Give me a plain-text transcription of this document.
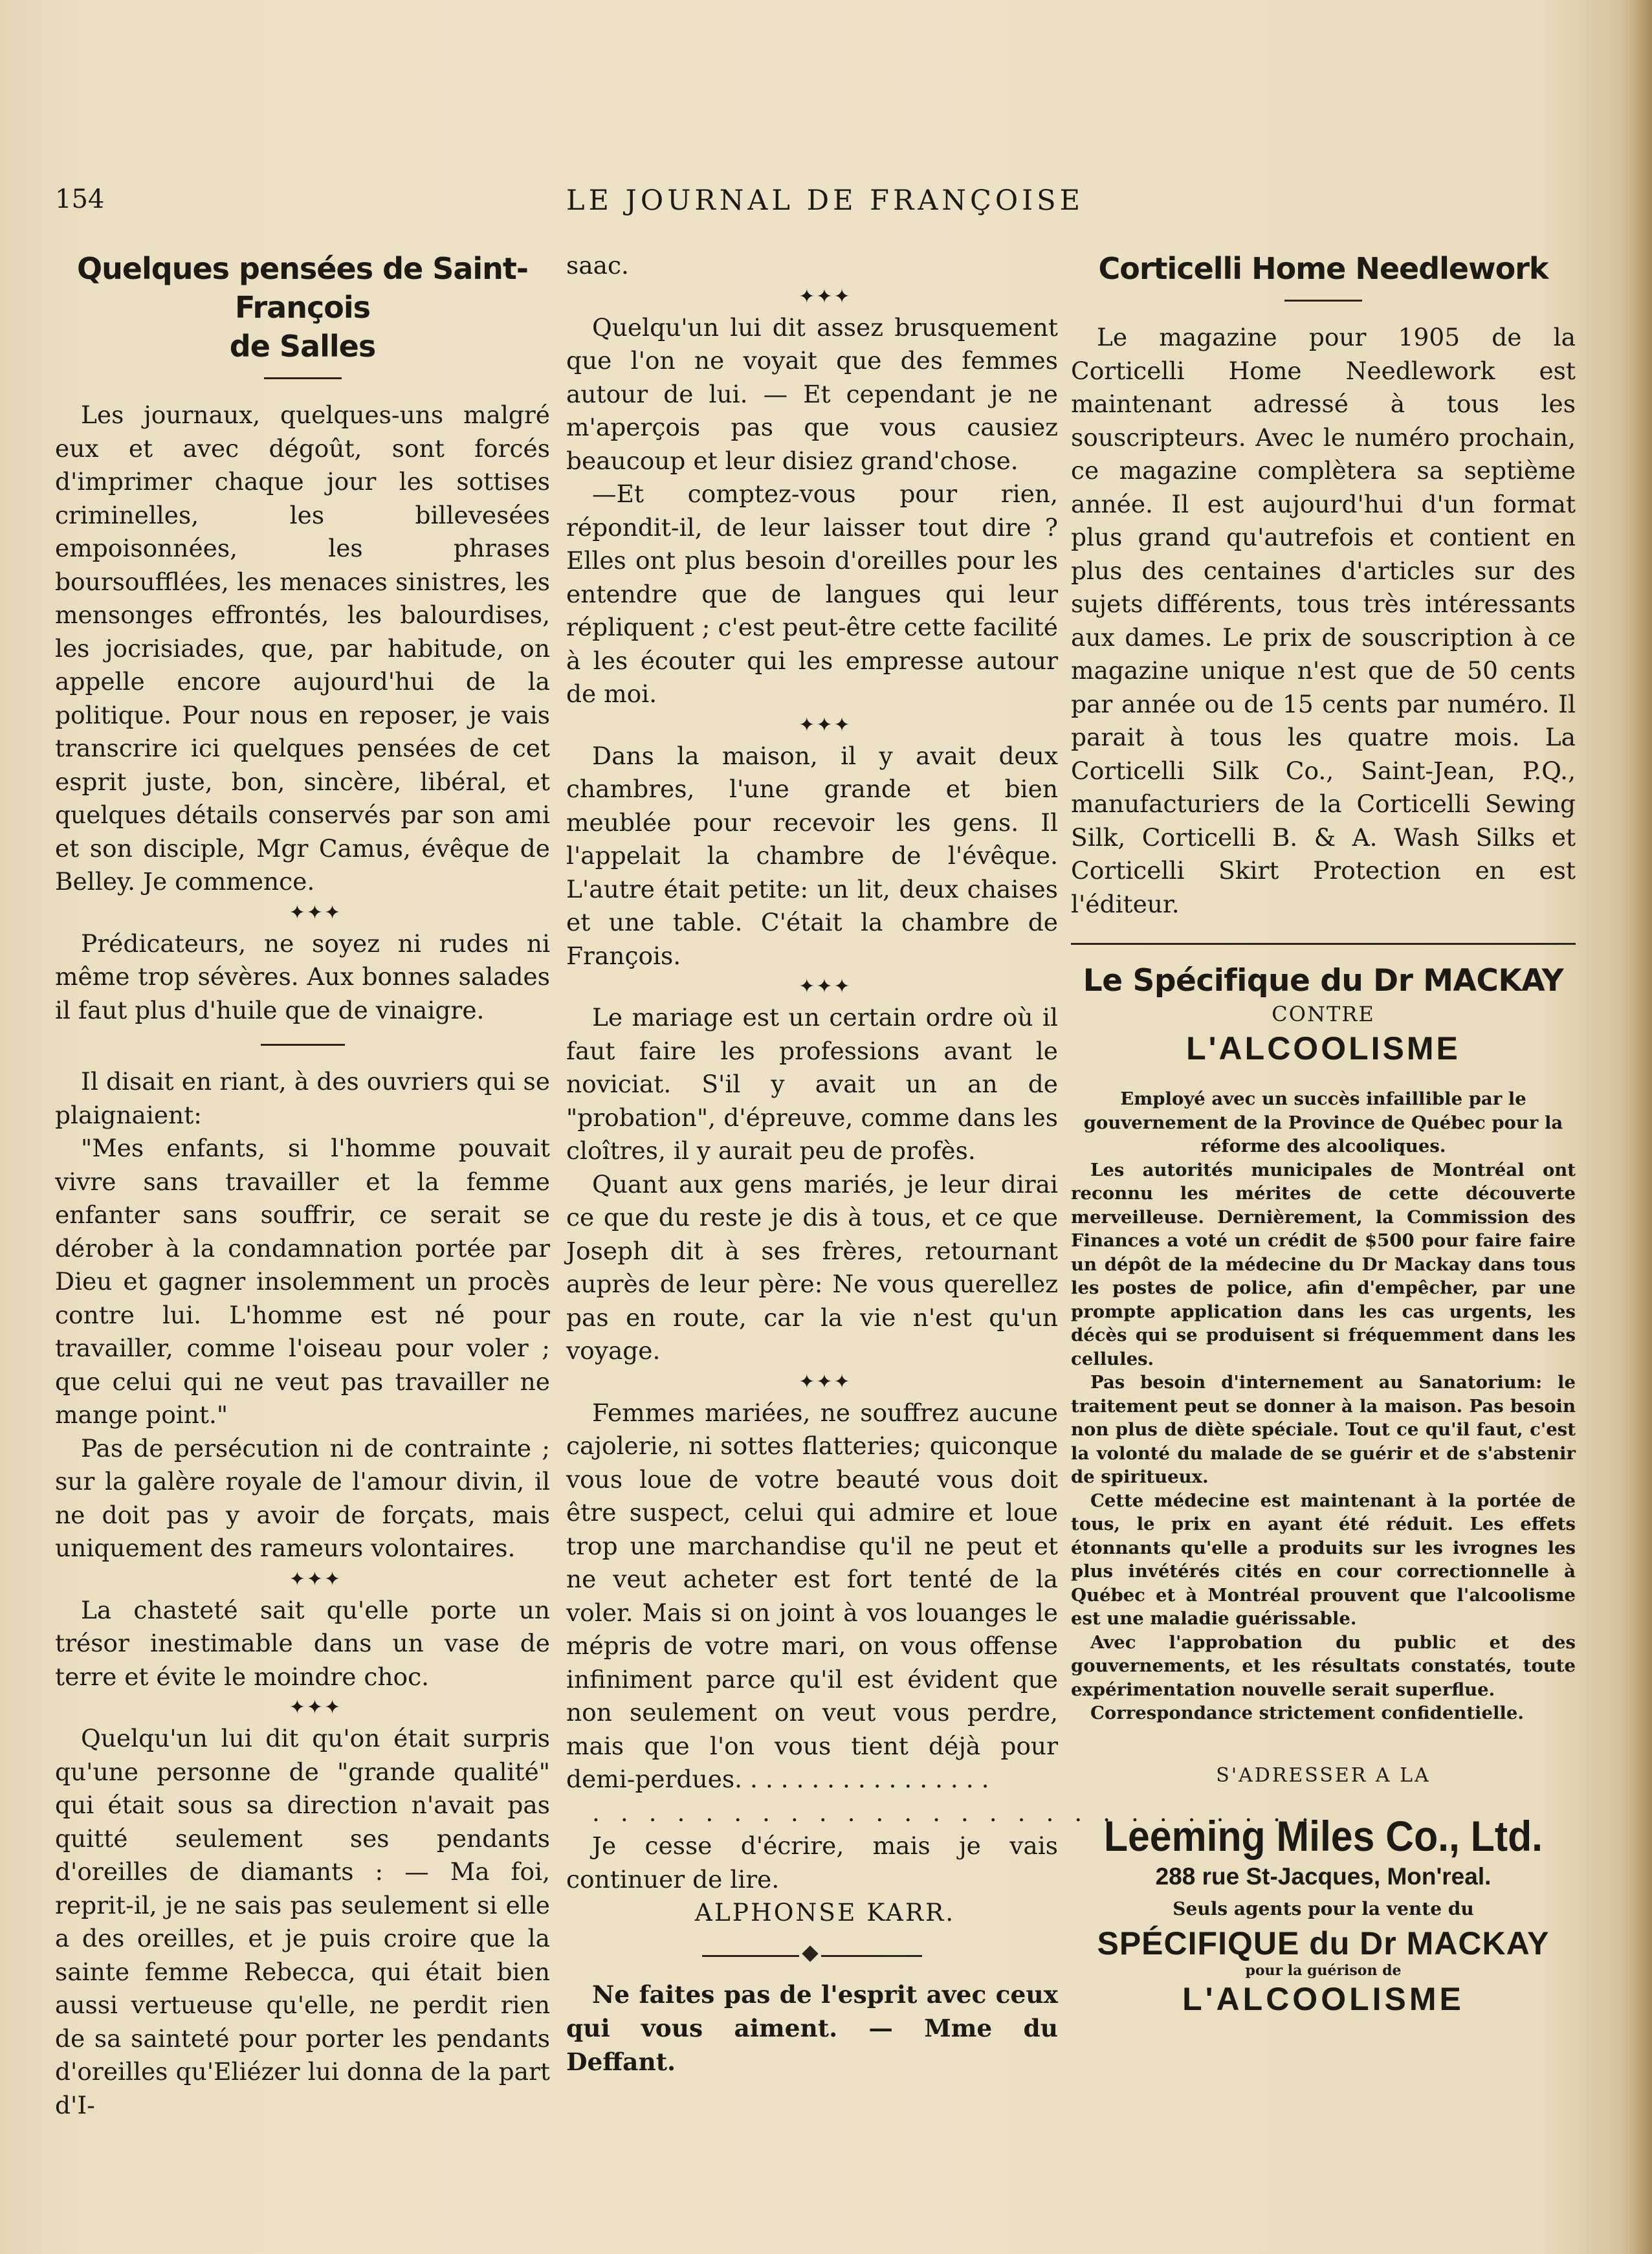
154	LE JOURNAL DE FRANÇOISE
Quelques pensées de Saint-François
de Salles

Les journaux, quelques-uns malgré eux et avec dégoût, sont forcés d'imprimer chaque jour les sottises criminelles, les billevesées empoisonnées, les phrases boursoufflées, les menaces sinistres, les mensonges effrontés, les balourdises, les jocrisiades, que, par habitude, on appelle encore aujourd'hui de la politique. Pour nous en reposer, je vais transcrire ici quelques pensées de cet esprit juste, bon, sincère, libéral, et quelques détails conservés par son ami et son disciple, Mgr Camus, évêque de Belley. Je commence.

✦✦✦

Prédicateurs, ne soyez ni rudes ni même trop sévères. Aux bonnes salades il faut plus d'huile que de vinaigre.

Il disait en riant, à des ouvriers qui se plaignaient:

"Mes enfants, si l'homme pouvait vivre sans travailler et la femme enfanter sans souffrir, ce serait se dérober à la condamnation portée par Dieu et gagner insolemment un procès contre lui. L'homme est né pour travailler, comme l'oiseau pour voler ; que celui qui ne veut pas travailler ne mange point."

Pas de persécution ni de contrainte ; sur la galère royale de l'amour divin, il ne doit pas y avoir de forçats, mais uniquement des rameurs volontaires.

✦✦✦

La chasteté sait qu'elle porte un trésor inestimable dans un vase de terre et évite le moindre choc.

✦✦✦

Quelqu'un lui dit qu'on était surpris qu'une personne de "grande qualité" qui était sous sa direction n'avait pas quitté seulement ses pendants d'oreilles de diamants : — Ma foi, reprit-il, je ne sais pas seulement si elle a des oreilles, et je puis croire que la sainte femme Rebecca, qui était bien aussi vertueuse qu'elle, ne perdit rien de sa sainteté pour porter les pendants d'oreilles qu'Eliézer lui donna de la part d'I-

saac.

✦✦✦

Quelqu'un lui dit assez brusquement que l'on ne voyait que des femmes autour de lui. — Et cependant je ne m'aperçois pas que vous causiez beaucoup et leur disiez grand'chose.

—Et comptez-vous pour rien, répondit-il, de leur laisser tout dire ? Elles ont plus besoin d'oreilles pour les entendre que de langues qui leur répliquent ; c'est peut-être cette facilité à les écouter qui les empresse autour de moi.

✦✦✦

Dans la maison, il y avait deux chambres, l'une grande et bien meublée pour recevoir les gens. Il l'appelait la chambre de l'évêque. L'autre était petite: un lit, deux chaises et une table. C'était la chambre de François.

✦✦✦

Le mariage est un certain ordre où il faut faire les professions avant le noviciat. S'il y avait un an de "probation", d'épreuve, comme dans les cloîtres, il y aurait peu de profès.

Quant aux gens mariés, je leur dirai ce que du reste je dis à tous, et ce que Joseph dit à ses frères, retournant auprès de leur père: Ne vous querellez pas en route, car la vie n'est qu'un voyage.

✦✦✦

Femmes mariées, ne souffrez aucune cajolerie, ni sottes flatteries; quiconque vous loue de votre beauté vous doit être suspect, celui qui admire et loue trop une marchandise qu'il ne peut et ne veut acheter est fort tenté de la voler. Mais si on joint à vos louanges le mépris de votre mari, on vous offense infiniment parce qu'il est évident que non seulement on veut vous perdre, mais que l'on vous tient déjà pour demi-perdues. . . . . . . . . . . . . . . . .

. . . . . . . . . . . . . . . . . . . . . . . . . .

Je cesse d'écrire, mais je vais continuer de lire.

ALPHONSE KARR.

Ne faites pas de l'esprit avec ceux qui vous aiment. — Mme du Deffant.

Corticelli Home Needlework

Le magazine pour 1905 de la Corticelli Home Needlework est maintenant adressé à tous les souscripteurs. Avec le numéro prochain, ce magazine complètera sa septième année. Il est aujourd'hui d'un format plus grand qu'autrefois et contient en plus des centaines d'articles sur des sujets différents, tous très intéressants aux dames. Le prix de souscription à ce magazine unique n'est que de 50 cents par année ou de 15 cents par numéro. Il parait à tous les quatre mois. La Corticelli Silk Co., Saint-Jean, P.Q., manufacturiers de la Corticelli Sewing Silk, Corticelli B. & A. Wash Silks et Corticelli Skirt Protection en est l'éditeur.

Le Spécifique du Dr MACKAY
CONTRE
L'ALCOOLISME

Employé avec un succès infaillible par le gouvernement de la Province de Québec pour la réforme des alcooliques.

Les autorités municipales de Montréal ont reconnu les mérites de cette découverte merveilleuse. Dernièrement, la Commission des Finances a voté un crédit de $500 pour faire faire un dépôt de la médecine du Dr Mackay dans tous les postes de police, afin d'empêcher, par une prompte application dans les cas urgents, les décès qui se produisent si fréquemment dans les cellules.

Pas besoin d'internement au Sanatorium: le traitement peut se donner à la maison. Pas besoin non plus de diète spéciale. Tout ce qu'il faut, c'est la volonté du malade de se guérir et de s'abstenir de spiritueux.

Cette médecine est maintenant à la portée de tous, le prix en ayant été réduit. Les effets étonnants qu'elle a produits sur les ivrognes les plus invétérés cités en cour correctionnelle à Québec et à Montréal prouvent que l'alcoolisme est une maladie guérissable.

Avec l'approbation du public et des gouvernements, et les résultats constatés, toute expérimentation nouvelle serait superflue.

Correspondance strictement confidentielle.

S'ADRESSER A LA
Leeming Miles Co., Ltd.
288 rue St-Jacques, Mon'real.
Seuls agents pour la vente du
SPÉCIFIQUE du Dr MACKAY
pour la guérison de
L'ALCOOLISME
